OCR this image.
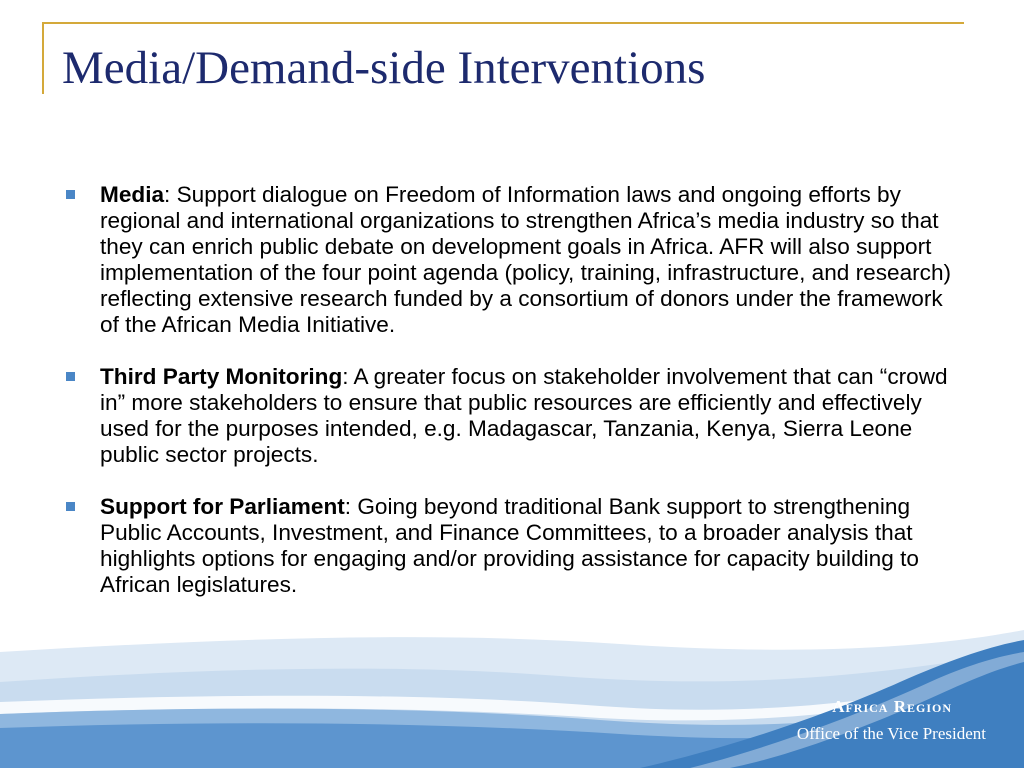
Media/Demand-side Interventions
Media: Support dialogue on Freedom of Information laws and ongoing efforts by regional and international organizations to strengthen Africa’s media industry so that they can enrich public debate on development goals in Africa. AFR will also support implementation of the four point agenda (policy, training, infrastructure, and research) reflecting extensive research funded by a consortium of donors under the framework of the African Media Initiative.
Third Party Monitoring: A greater focus on stakeholder involvement that can “crowd in” more stakeholders to ensure that public resources are efficiently and effectively used for the purposes intended, e.g. Madagascar, Tanzania, Kenya, Sierra Leone public sector projects.
Support for Parliament: Going beyond traditional Bank support to strengthening Public Accounts, Investment, and Finance Committees, to a broader analysis that highlights options for engaging and/or providing assistance for capacity building to African legislatures.

Africa Region

Office of the Vice President
